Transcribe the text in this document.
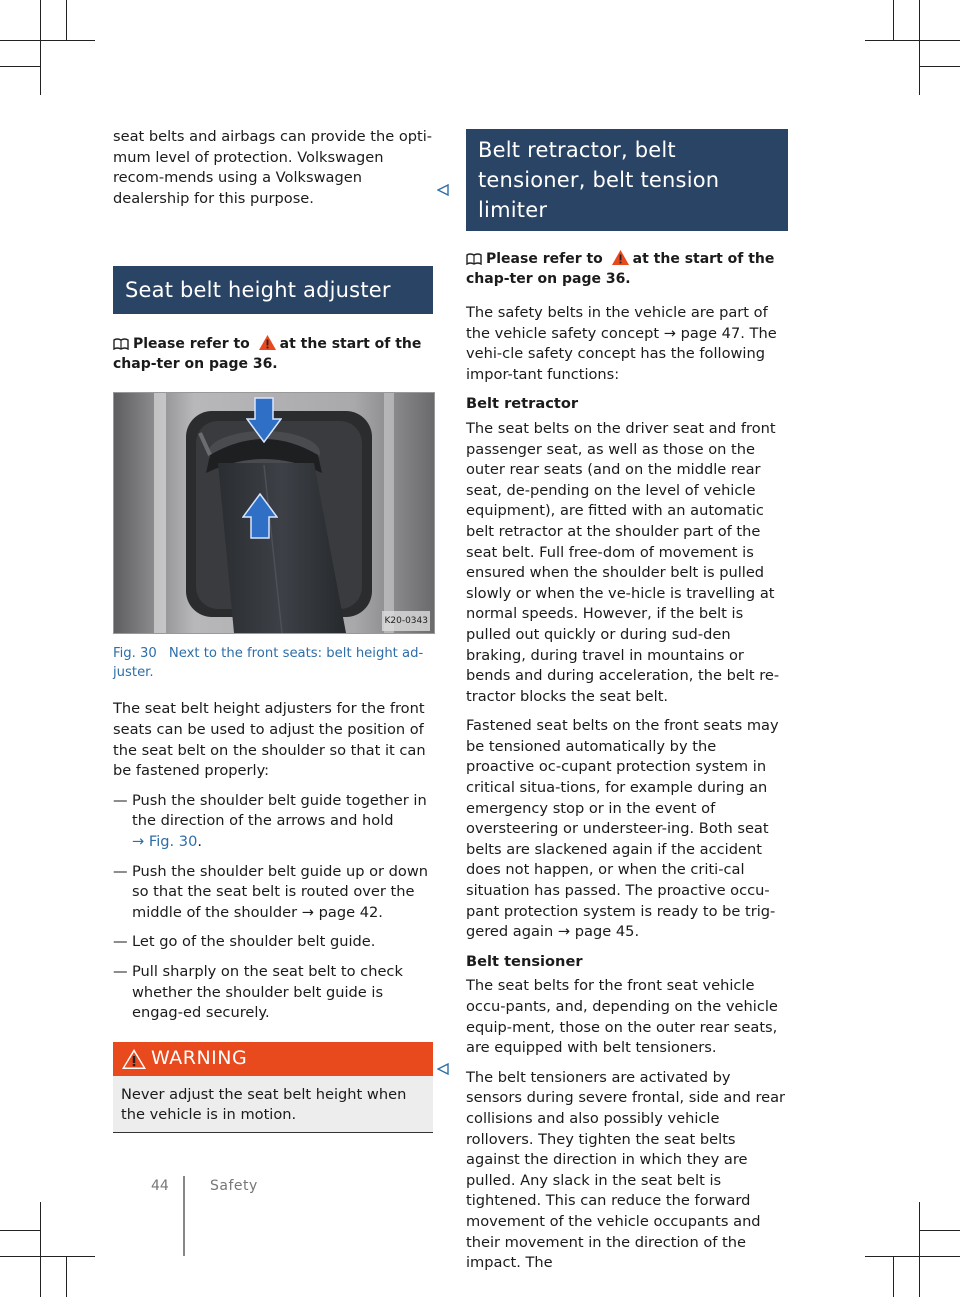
seat belts and airbags can provide the opti-mum level of protection. Volkswagen recom-mends using a Volkswagen dealership for this purpose.

Seat belt height adjuster
Please refer to at the start of the chap-ter on page 36.
K20-0343
Fig. 30 Next to the front seats: belt height ad-juster.

The seat belt height adjusters for the front seats can be used to adjust the position of the seat belt on the shoulder so that it can be fastened properly:

— Push the shoulder belt guide together in the direction of the arrows and hold
→ Fig. 30.
— Push the shoulder belt guide up or down so that the seat belt is routed over the middle of the shoulder → page 42.
— Let go of the shoulder belt guide.
— Pull sharply on the seat belt to check whether the shoulder belt guide is engag-ed securely.
WARNING
Never adjust the seat belt height when the vehicle is in motion.
Belt retractor, belt tensioner, belt tension limiter
Please refer to at the start of the chap-ter on page 36.

The safety belts in the vehicle are part of the vehicle safety concept → page 47. The vehi-cle safety concept has the following impor-tant functions:

Belt retractor

The seat belts on the driver seat and front passenger seat, as well as those on the outer rear seats (and on the middle rear seat, de-pending on the level of vehicle equipment), are fitted with an automatic belt retractor at the shoulder part of the seat belt. Full free-dom of movement is ensured when the shoulder belt is pulled slowly or when the ve-hicle is travelling at normal speeds. However, if the belt is pulled out quickly or during sud-den braking, during travel in mountains or bends and during acceleration, the belt re-tractor blocks the seat belt.

Fastened seat belts on the front seats may be tensioned automatically by the proactive oc-cupant protection system in critical situa-tions, for example during an emergency stop or in the event of oversteering or understeer-ing. Both seat belts are slackened again if the accident does not happen, or when the criti-cal situation has passed. The proactive occu-pant protection system is ready to be trig-gered again → page 45.

Belt tensioner

The seat belts for the front seat vehicle occu-pants, and, depending on the vehicle equip-ment, those on the outer rear seats, are equipped with belt tensioners.

The belt tensioners are activated by sensors during severe frontal, side and rear collisions and also possibly vehicle rollovers. They tighten the seat belts against the direction in which they are pulled. Any slack in the seat belt is tightened. This can reduce the forward movement of the vehicle occupants and their movement in the direction of the impact. The

44	Safety
